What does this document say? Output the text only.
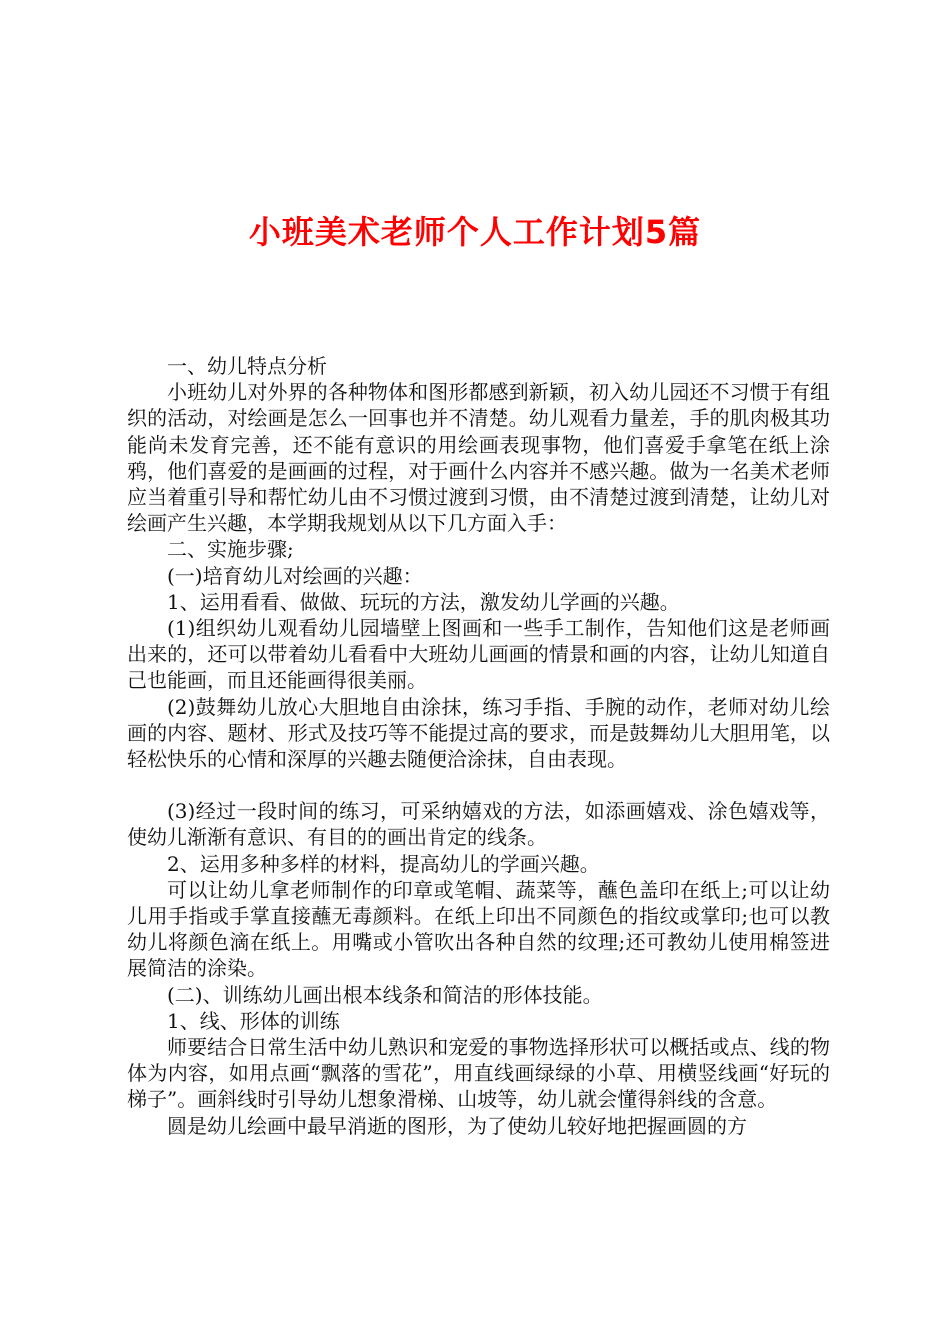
小班美术老师个人工作计划5篇

一、幼儿特点分析

小班幼儿对外界的各种物体和图形都感到新颖，初入幼儿园还不习惯于有组织的活动，对绘画是怎么一回事也并不清楚。幼儿观看力量差，手的肌肉极其功能尚未发育完善，还不能有意识的用绘画表现事物，他们喜爱手拿笔在纸上涂鸦，他们喜爱的是画画的过程，对于画什么内容并不感兴趣。做为一名美术老师应当着重引导和帮忙幼儿由不习惯过渡到习惯，由不清楚过渡到清楚，让幼儿对绘画产生兴趣，本学期我规划从以下几方面入手：

二、实施步骤;

(一)培育幼儿对绘画的兴趣：

1、运用看看、做做、玩玩的方法，激发幼儿学画的兴趣。

(1)组织幼儿观看幼儿园墙壁上图画和一些手工制作，告知他们这是老师画出来的，还可以带着幼儿看看中大班幼儿画画的情景和画的内容，让幼儿知道自己也能画，而且还能画得很美丽。

(2)鼓舞幼儿放心大胆地自由涂抹，练习手指、手腕的动作，老师对幼儿绘画的内容、题材、形式及技巧等不能提过高的要求，而是鼓舞幼儿大胆用笔，以轻松快乐的心情和深厚的兴趣去随便洽涂抹，自由表现。

(3)经过一段时间的练习，可采纳嬉戏的方法，如添画嬉戏、涂色嬉戏等，使幼儿渐渐有意识、有目的的画出肯定的线条。

2、运用多种多样的材料，提高幼儿的学画兴趣。

可以让幼儿拿老师制作的印章或笔帽、蔬菜等，蘸色盖印在纸上;可以让幼儿用手指或手掌直接蘸无毒颜料。在纸上印出不同颜色的指纹或掌印;也可以教幼儿将颜色滴在纸上。用嘴或小管吹出各种自然的纹理;还可教幼儿使用棉签进展简洁的涂染。

(二)、训练幼儿画出根本线条和简洁的形体技能。

1、线、形体的训练

师要结合日常生活中幼儿熟识和宠爱的事物选择形状可以概括或点、线的物体为内容，如用点画“飘落的雪花”，用直线画绿绿的小草、用横竖线画“好玩的梯子”。画斜线时引导幼儿想象滑梯、山坡等，幼儿就会懂得斜线的含意。

圆是幼儿绘画中最早消逝的图形，为了使幼儿较好地把握画圆的方
